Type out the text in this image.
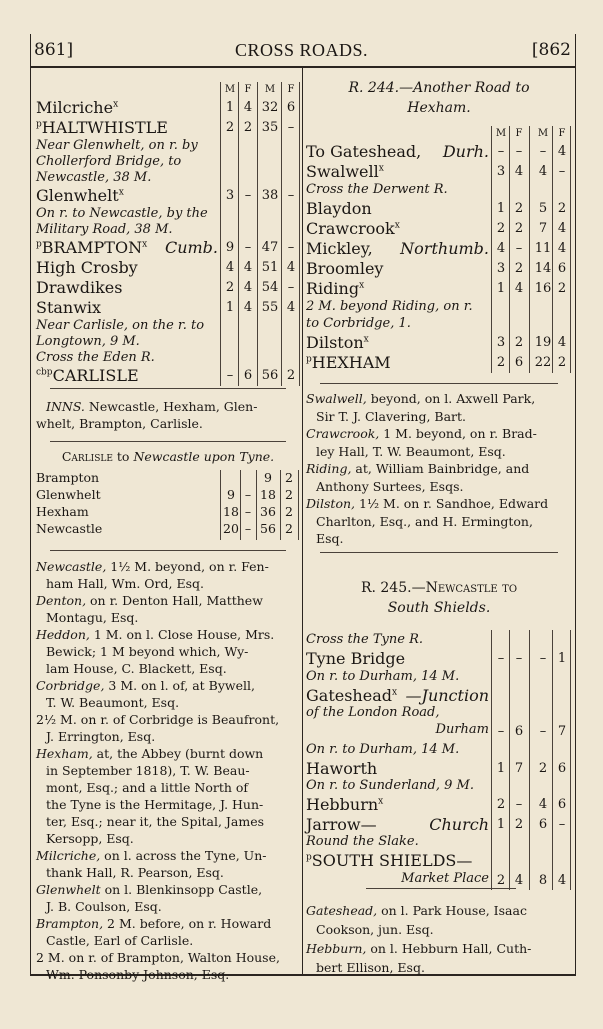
861]	CROSS ROADS.	[862
M F	M	F
Milcriche$^x$	1 4 32 6
$^p$HALTWHISTLE	2 2 35 –
Near Glenwhelt, on r. by
Chollerford Bridge, to
Newcastle, 38 M.
Glenwhelt$^x$	3 – 38 –
On r. to Newcastle, by the
Military Road, 38 M.
$^p$BRAMPTON$^x$ Cumb. 9 – 47 –
High Crosby	4 4 51 4
Drawdikes	2 4 54 –
Stanwix	1 4 55 4
Near Carlisle, on the r. to
Longtown, 9 M.
Cross the Eden R.
$^{cbp}$CARLISLE	– 6 56 2
INNS. Newcastle, Hexham, Glen-
whelt, Brampton, Carlisle.
Carlisle to Newcastle upon Tyne.
Brampton	9	2
Glenwhelt	9 – 18 2
Hexham	18 – 36 2
Newcastle	20 – 56 2
Newcastle, 1½ M. beyond, on r. Fen-
ham Hall, Wm. Ord, Esq.
Denton, on r. Denton Hall, Matthew
Montagu, Esq.
Heddon, 1 M. on l. Close House, Mrs.
Bewick; 1 M beyond which, Wy-
lam House, C. Blackett, Esq.
Corbridge, 3 M. on l. of, at Bywell,
T. W. Beaumont, Esq.
2½ M. on r. of Corbridge is Beaufront,
J. Errington, Esq.
Hexham, at, the Abbey (burnt down
in September 1818), T. W. Beau-
mont, Esq.; and a little North of
the Tyne is the Hermitage, J. Hun-
ter, Esq.; near it, the Spital, James
Kersopp, Esq.
Milcriche, on l. across the Tyne, Un-
thank Hall, R. Pearson, Esq.
Glenwhelt on l. Blenkinsopp Castle,
J. B. Coulson, Esq.
Brampton, 2 M. before, on r. Howard
Castle, Earl of Carlisle.
2 M. on r. of Brampton, Walton House,
Wm. Ponsonby Johnson, Esq.
R. 244.—Another Road to
Hexham.
M F	M	F
To Gateshead, Durh. – –	– 4
Swalwell$^x$	3 4	4 –
Cross the Derwent R.
Blaydon	1 2	5 2
Crawcrook$^x$	2 2	7 4
Mickley, Northumb. 4 – 11 4
Broomley	3 2 14 6
Riding$^x$	1 4 16 2
2 M. beyond Riding, on r.
to Corbridge, 1.
Dilston$^x$	3 2 19 4
$^p$HEXHAM	2 6 22 2
Swalwell, beyond, on l. Axwell Park,
Sir T. J. Clavering, Bart.
Crawcrook, 1 M. beyond, on r. Brad-
ley Hall, T. W. Beaumont, Esq.
Riding, at, William Bainbridge, and
Anthony Surtees, Esqs.
Dilston, 1½ M. on r. Sandhoe, Edward
Charlton, Esq., and H. Ermington,
Esq.
R. 245.—Newcastle to
South Shields.
Cross the Tyne R.
Tyne Bridge	– –	– 1
On r. to Durham, 14 M.
Gateshead$^x$ —Junction
of the London Road,
Durham – 6	– 7
On r. to Durham, 14 M.
Haworth	1 7	2 6
On r. to Sunderland, 9 M.
Hebburn$^x$	2 –	4 6
Jarrow—	Church 1 2	6 –
Round the Slake.
$^p$SOUTH SHIELDS—
Market Place 2 4	8 4
Gateshead, on l. Park House, Isaac
Cookson, jun. Esq.
Hebburn, on l. Hebburn Hall, Cuth-
bert Ellison, Esq.
